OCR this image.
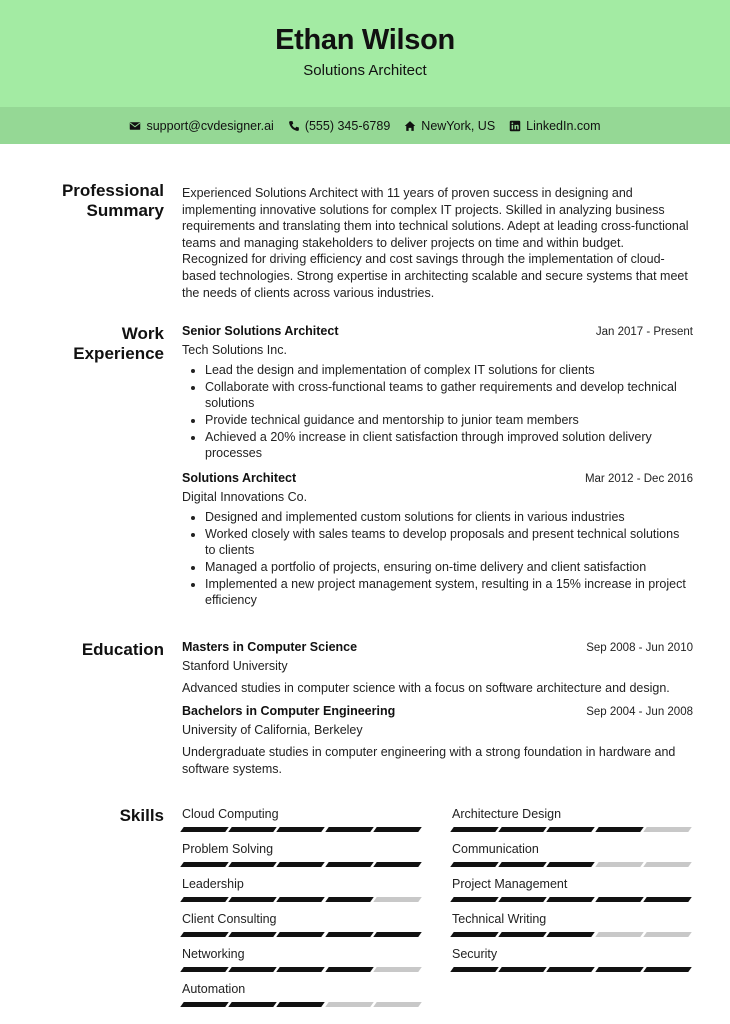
Ethan Wilson
Solutions Architect
support@cvdesigner.ai (555) 345-6789 NewYork, US LinkedIn.com
Professional
Summary
Experienced Solutions Architect with 11 years of proven success in designing and implementing innovative solutions for complex IT projects. Skilled in analyzing business requirements and translating them into technical solutions. Adept at leading cross-functional teams and managing stakeholders to deliver projects on time and within budget. Recognized for driving efficiency and cost savings through the implementation of cloud-based technologies. Strong expertise in architecting scalable and secure systems that meet the needs of clients across various industries.
Work
Experience
Senior Solutions Architect	Jan 2017 - Present
Tech Solutions Inc.
• Lead the design and implementation of complex IT solutions for clients
• Collaborate with cross-functional teams to gather requirements and develop technical solutions
• Provide technical guidance and mentorship to junior team members
• Achieved a 20% increase in client satisfaction through improved solution delivery processes
Solutions Architect	Mar 2012 - Dec 2016
Digital Innovations Co.
• Designed and implemented custom solutions for clients in various industries
• Worked closely with sales teams to develop proposals and present technical solutions to clients
• Managed a portfolio of projects, ensuring on-time delivery and client satisfaction
• Implemented a new project management system, resulting in a 15% increase in project efficiency
Education Masters in Computer Science	Sep 2008 - Jun 2010
Stanford University
Advanced studies in computer science with a focus on software architecture and design.
Bachelors in Computer Engineering	Sep 2004 - Jun 2008
University of California, Berkeley
Undergraduate studies in computer engineering with a strong foundation in hardware and software systems.
Skills Cloud Computing	Architecture Design
Problem Solving	Communication
Leadership	Project Management
Client Consulting	Technical Writing
Networking	Security
Automation
